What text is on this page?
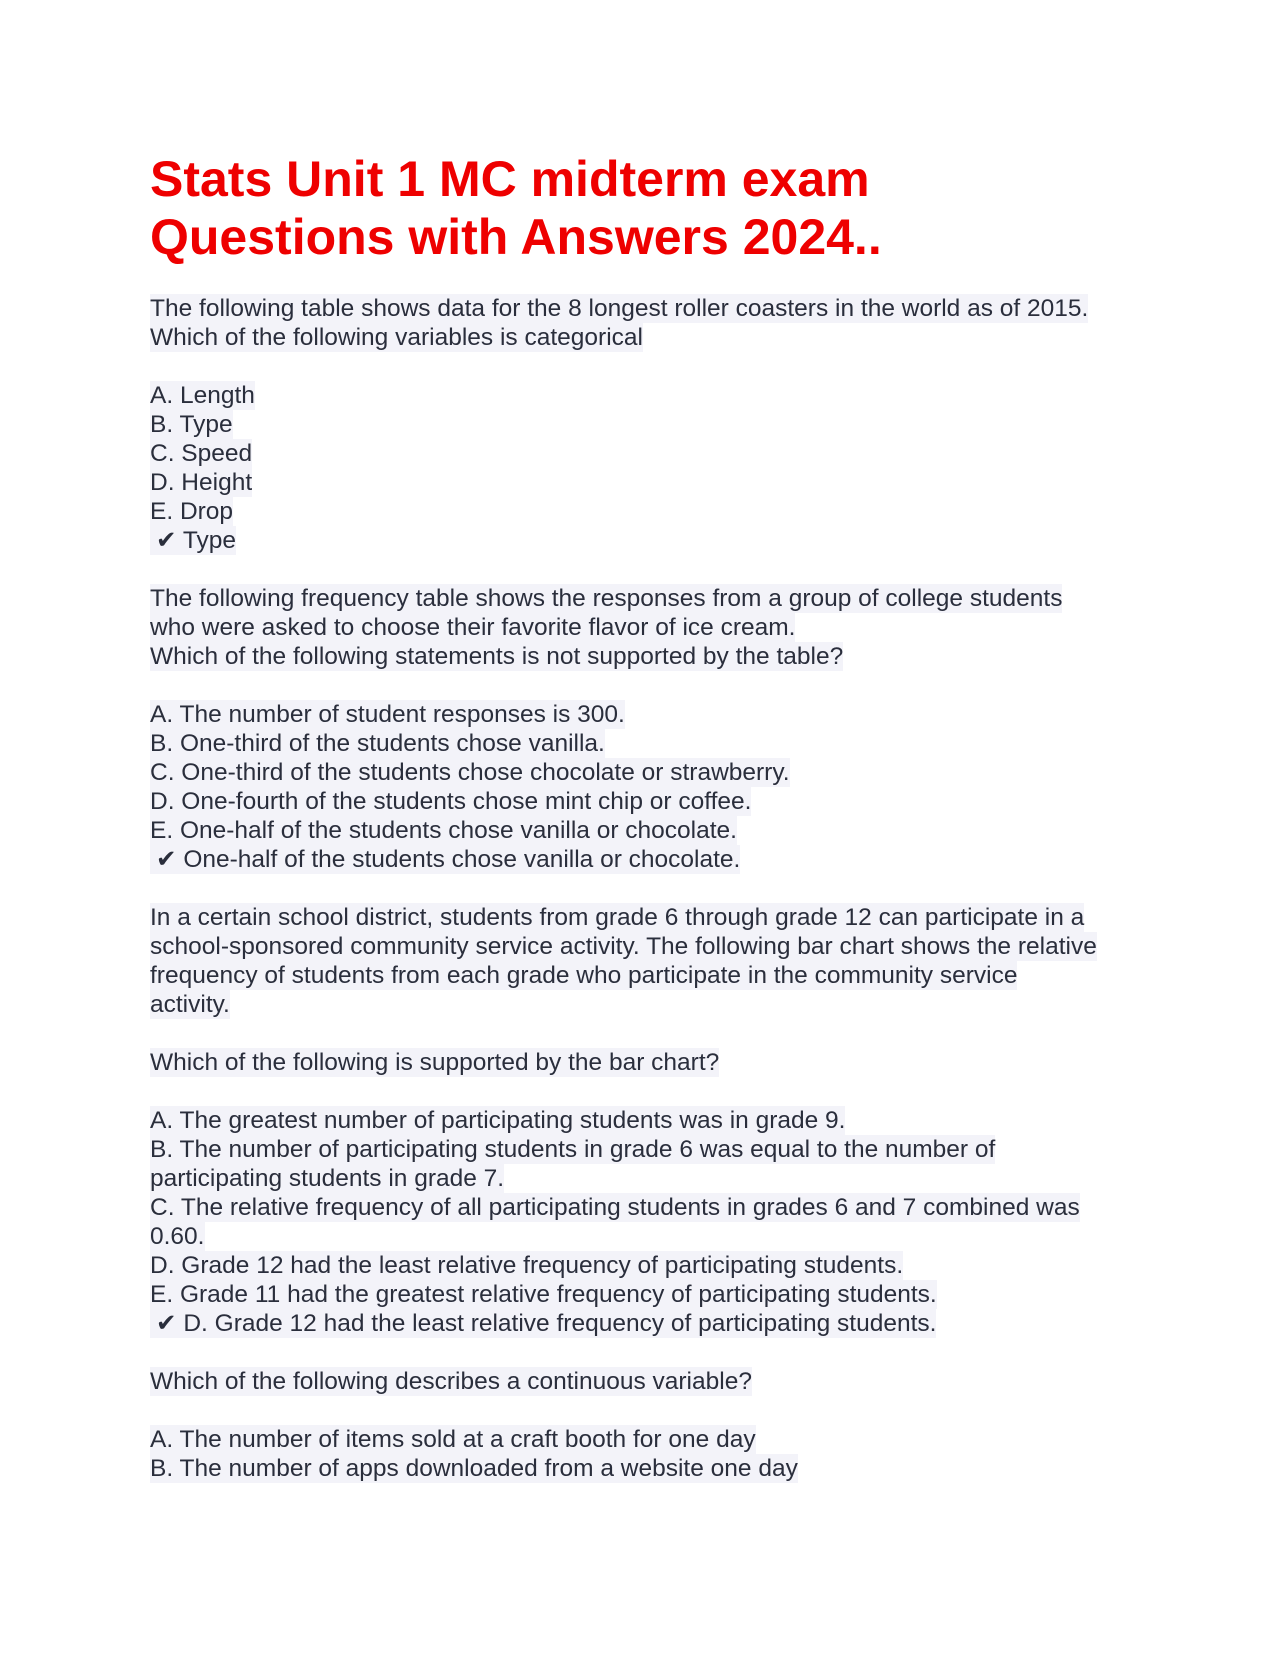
Stats Unit 1 MC midterm exam
Questions with Answers 2024..
The following table shows data for the 8 longest roller coasters in the world as of 2015.
Which of the following variables is categorical
A. Length
B. Type
C. Speed
D. Height
E. Drop
✔ Type
The following frequency table shows the responses from a group of college students
who were asked to choose their favorite flavor of ice cream.
Which of the following statements is not supported by the table?
A. The number of student responses is 300.
B. One-third of the students chose vanilla.
C. One-third of the students chose chocolate or strawberry.
D. One-fourth of the students chose mint chip or coffee.
E. One-half of the students chose vanilla or chocolate.
✔ One-half of the students chose vanilla or chocolate.
In a certain school district, students from grade 6 through grade 12 can participate in a
school-sponsored community service activity. The following bar chart shows the relative
frequency of students from each grade who participate in the community service
activity.
Which of the following is supported by the bar chart?
A. The greatest number of participating students was in grade 9.
B. The number of participating students in grade 6 was equal to the number of
participating students in grade 7.
C. The relative frequency of all participating students in grades 6 and 7 combined was
0.60.
D. Grade 12 had the least relative frequency of participating students.
E. Grade 11 had the greatest relative frequency of participating students.
✔ D. Grade 12 had the least relative frequency of participating students.
Which of the following describes a continuous variable?
A. The number of items sold at a craft booth for one day
B. The number of apps downloaded from a website one day
